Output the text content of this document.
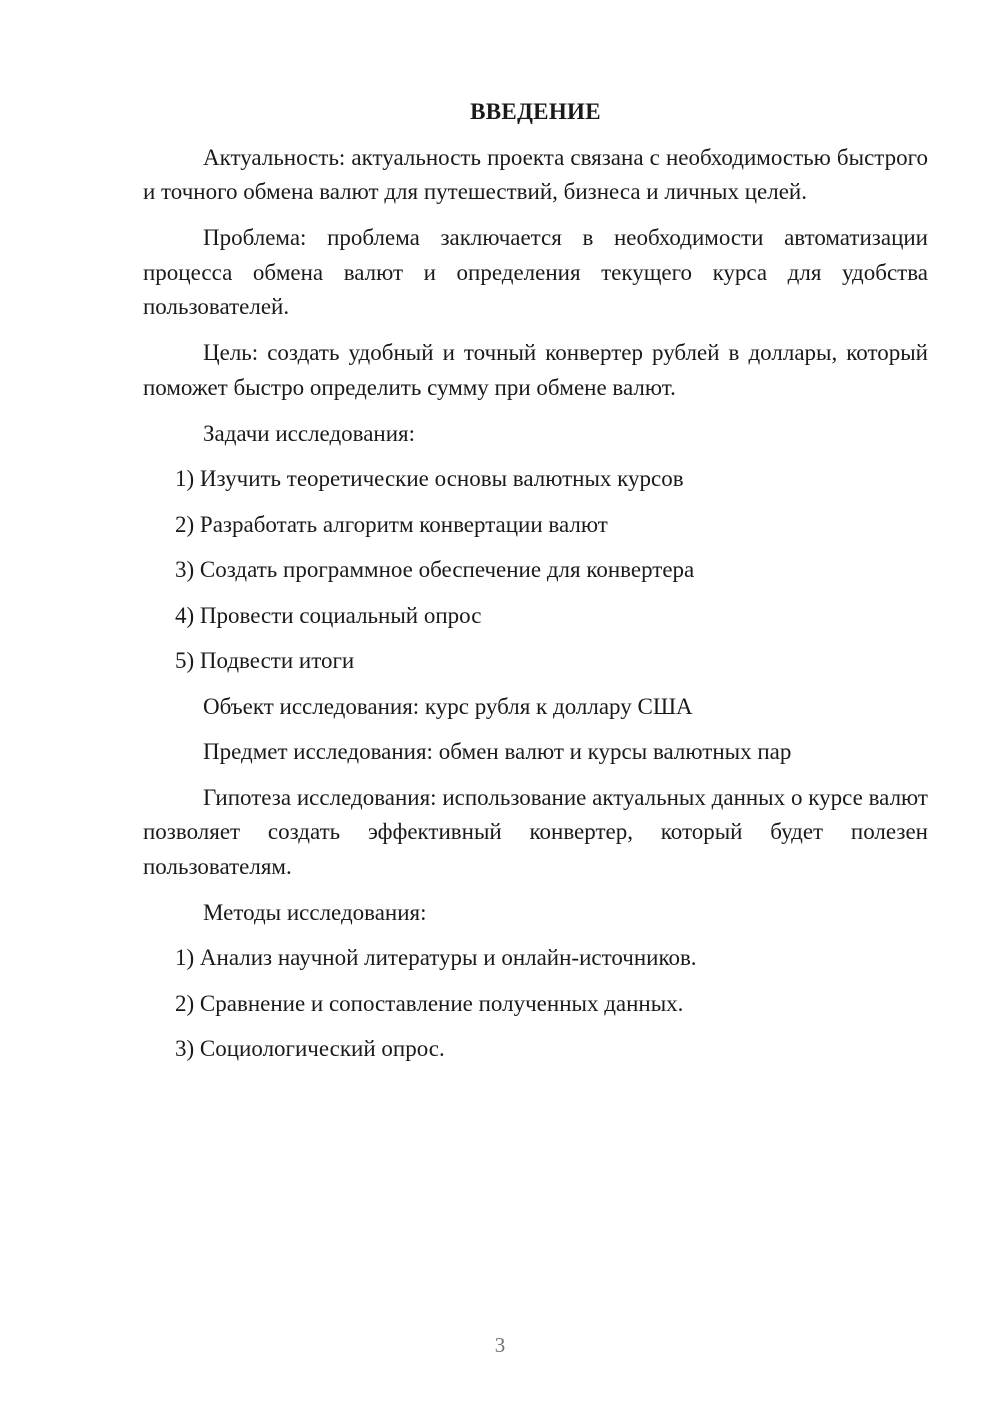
ВВЕДЕНИЕ

Актуальность: актуальность проекта связана с необходимостью быстрого и точного обмена валют для путешествий, бизнеса и личных целей.

Проблема: проблема заключается в необходимости автоматизации процесса обмена валют и определения текущего курса для удобства пользователей.

Цель: создать удобный и точный конвертер рублей в доллары, который поможет быстро определить сумму при обмене валют.

Задачи исследования:
1) Изучить теоретические основы валютных курсов
2) Разработать алгоритм конвертации валют
3) Создать программное обеспечение для конвертера
4) Провести социальный опрос
5) Подвести итоги
Объект исследования: курс рубля к доллару США
Предмет исследования: обмен валют и курсы валютных пар

Гипотеза исследования: использование актуальных данных о курсе валют позволяет создать эффективный конвертер, который будет полезен пользователям.

Методы исследования:
1) Анализ научной литературы и онлайн-источников.
2) Сравнение и сопоставление полученных данных.
3) Социологический опрос.
3
